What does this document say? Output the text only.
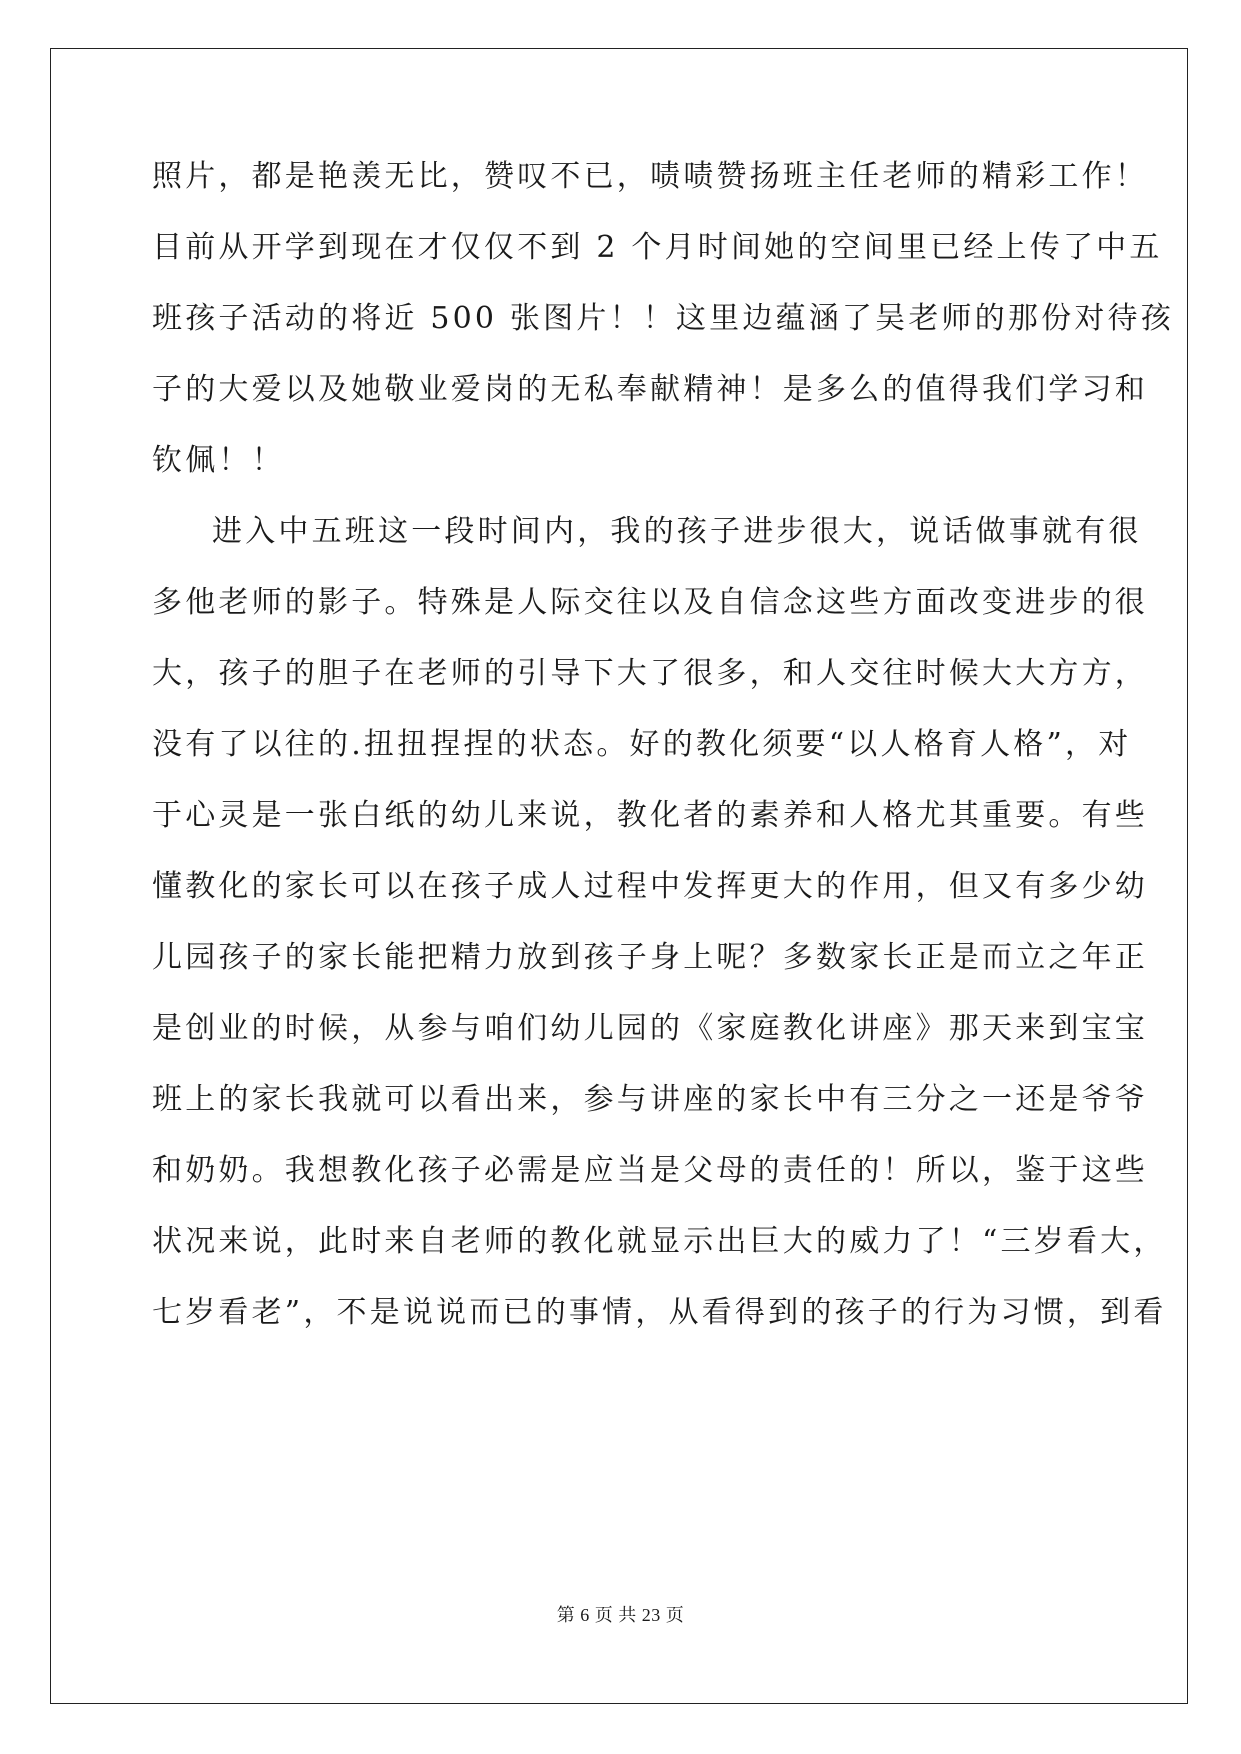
照片，都是艳羡无比，赞叹不已，啧啧赞扬班主任老师的精彩工作！
目前从开学到现在才仅仅不到 2 个月时间她的空间里已经上传了中五
班孩子活动的将近 500 张图片！！这里边蕴涵了吴老师的那份对待孩
子的大爱以及她敬业爱岗的无私奉献精神！是多么的值得我们学习和
钦佩！！
进入中五班这一段时间内，我的孩子进步很大，说话做事就有很
多他老师的影子。特殊是人际交往以及自信念这些方面改变进步的很
大，孩子的胆子在老师的引导下大了很多，和人交往时候大大方方，
没有了以往的.扭扭捏捏的状态。好的教化须要“以人格育人格”，对
于心灵是一张白纸的幼儿来说，教化者的素养和人格尤其重要。有些
懂教化的家长可以在孩子成人过程中发挥更大的作用，但又有多少幼
儿园孩子的家长能把精力放到孩子身上呢？多数家长正是而立之年正
是创业的时候，从参与咱们幼儿园的《家庭教化讲座》那天来到宝宝
班上的家长我就可以看出来，参与讲座的家长中有三分之一还是爷爷
和奶奶。我想教化孩子必需是应当是父母的责任的！所以，鉴于这些
状况来说，此时来自老师的教化就显示出巨大的威力了！“三岁看大，
七岁看老”，不是说说而已的事情，从看得到的孩子的行为习惯，到看
第 6 页 共 23 页
